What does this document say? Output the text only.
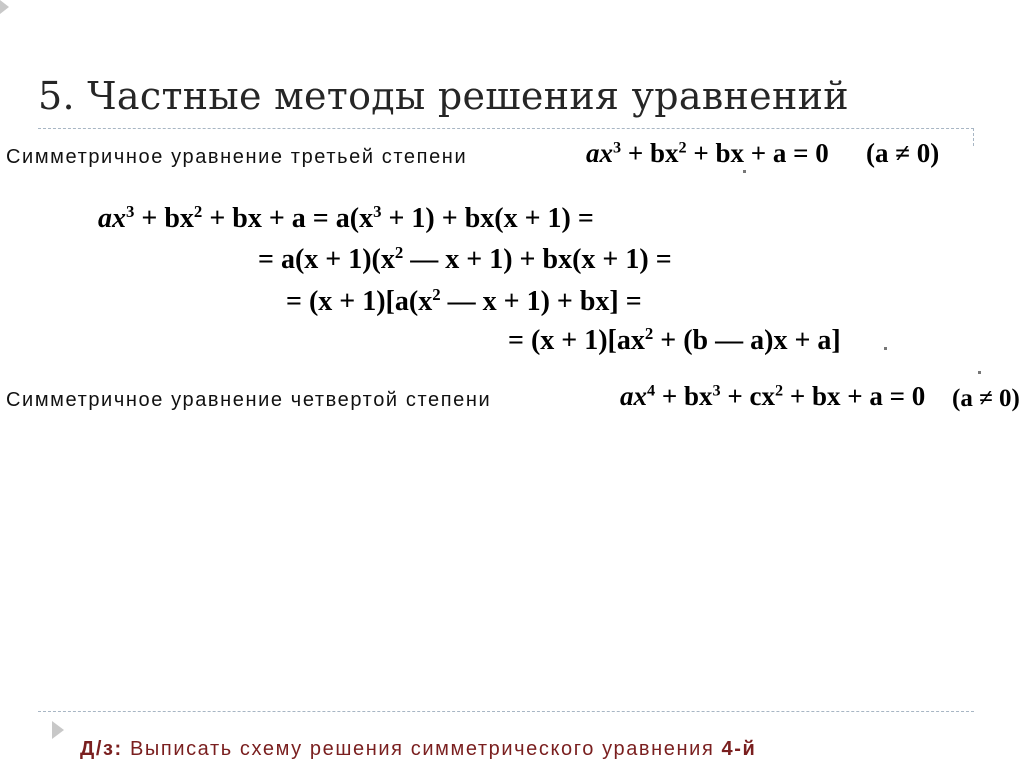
5. Частные методы решения уравнений
Симметричное уравнение третьей степени	$ax^3 + bx^2$ + bx + a = 0 (a ≠ 0)
$ax^3 + bx^2$ + bx + $a = a(x^3 + 1) + bx(x + 1)$ =
= $a(x + 1)(x^2$ — x + 1) + bx(x + 1) =
= $(x + 1)[a(x^2$ — x + 1) + bx] =
= $(x + 1)[ax^2 + (b$ — a)x + a]
Симметричное уравнение четвертой степени	$ax^4 + bx^3 + cx^2$ + bx + a = 0 (a ≠ 0)
Д/з: Выписать схему решения симметрического уравнения 4-й
